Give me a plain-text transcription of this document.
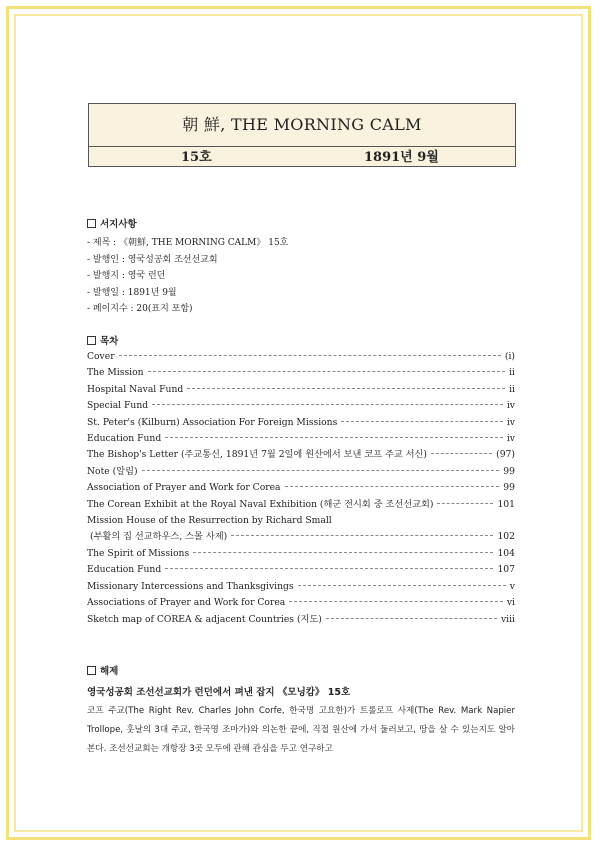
朝 鮮, THE MORNING CALM
15호	1891년 9월
서지사항
- 제목 : 《朝鮮, THE MORNING CALM》 15호
- 발행인 : 영국성공회 조선선교회
- 발행지 : 영국 런던
- 발행일 : 1891년 9월
- 페이지수 : 20(표지 포함)
목차
Cover	(i)
The Mission	ii
Hospital Naval Fund	ii
Special Fund	iv
St. Peter's (Kilburn) Association For Foreign Missions	iv
Education Fund	iv
The Bishop's Letter (주교통신, 1891년 7월 2일에 원산에서 보낸 코프 주교 서신)	(97)
Note (알림)	99
Association of Prayer and Work for Corea	99
The Corean Exhibit at the Royal Naval Exhibition (해군 전시회 중 조선선교회)	101
Mission House of the Resurrection by Richard Small
(부활의 집 선교하우스, 스몰 사제)	102
The Spirit of Missions	104
Education Fund	107
Missionary Intercessions and Thanksgivings	v
Associations of Prayer and Work for Corea	vi
Sketch map of COREA & adjacent Countries (지도)	viii
해제
영국성공회 조선선교회가 런던에서 펴낸 잡지 《모닝캄》 15호
코프 주교(The Right Rev. Charles John Corfe, 한국명 고요한)가 트롤로프 사제(The Rev. Mark Napier Trollope, 훗날의 3대 주교, 한국명 조마가)와 의논한 끝에, 직접 원산에 가서 둘러보고, 땅을 살 수 있는지도 알아본다. 조선선교회는 개항장 3곳 모두에 관해 관심을 두고 연구하고
